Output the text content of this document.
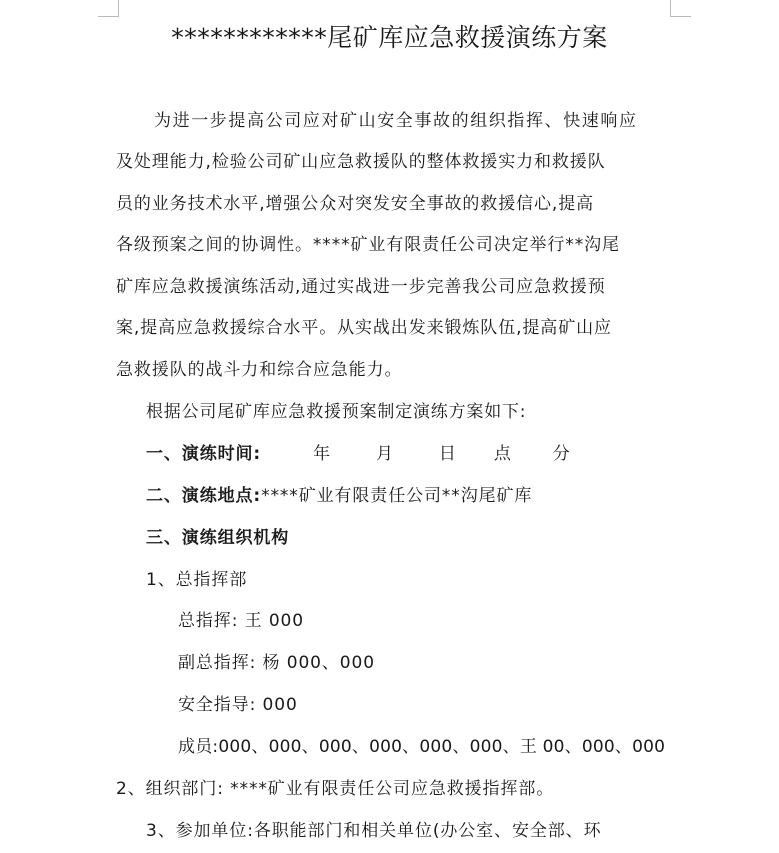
************尾矿库应急救援演练方案
为进一步提高公司应对矿山安全事故的组织指挥、快速响应
及处理能力,检验公司矿山应急救援队的整体救援实力和救援队
员的业务技术水平,增强公众对突发安全事故的救援信心,提高
各级预案之间的协调性。****矿业有限责任公司决定举行**沟尾
矿库应急救援演练活动,通过实战进一步完善我公司应急救援预
案,提高应急救援综合水平。从实战出发来锻炼队伍,提高矿山应
急救援队的战斗力和综合应急能力。
根据公司尾矿库应急救援预案制定演练方案如下:
一、演练时间:	年	月	日 点 分
二、演练地点:****矿业有限责任公司**沟尾矿库
三、演练组织机构
1、总指挥部
总指挥: 王 000
副总指挥: 杨 000、000
安全指导: 000
成员:000、000、000、000、000、000、王 00、000、000
2、组织部门: ****矿业有限责任公司应急救援指挥部。
3、参加单位:各职能部门和相关单位(办公室、安全部、环
